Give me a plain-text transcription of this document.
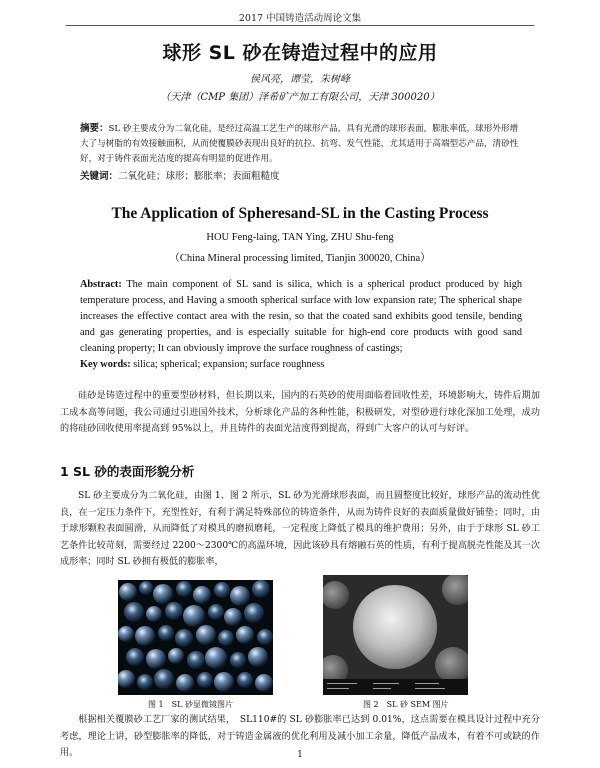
2017 中国铸造活动周论文集
球形 SL 砂在铸造过程中的应用
侯风亮，谭莹，朱树峰
（天津（CMP 集团）泽希矿产加工有限公司，天津 300020）
摘要：SL 砂主要成分为二氧化硅，是经过高温工艺生产的球形产品，具有光滑的球形表面，膨胀率低，球形外形增大了与树脂的有效接触面积，从而使覆膜砂表现出良好的抗拉、抗弯、发气性能，尤其适用于高端型芯产品，清砂性好，对于铸件表面光洁度的提高有明显的促进作用。
关键词：二氧化硅；球形；膨胀率；表面粗糙度
The Application of Spheresand-SL in the Casting Process
HOU Feng-laing, TAN Ying, ZHU Shu-feng
（China Mineral processing limited, Tianjin 300020, China）
Abstract: The main component of SL sand is silica, which is a spherical product produced by high temperature process, and Having a smooth spherical surface with low expansion rate; The spherical shape increases the effective contact area with the resin, so that the coated sand exhibits good tensile, bending and gas generating properties, and is especially suitable for high-end core products with good sand cleaning property; It can obviously improve the surface roughness of castings;
Key words: silica; spherical; expansion; surface roughness
硅砂是铸造过程中的重要型砂材料，但长期以来，国内的石英砂的使用面临着回收性差，环境影响大，铸件后期加工成本高等问题，我公司通过引进国外技术，分析球化产品的各种性能，积极研发，对型砂进行球化深加工处理，成功的将硅砂回收使用率提高到 95%以上，并且铸件的表面光洁度得到提高，得到广大客户的认可与好评。
1 SL 砂的表面形貌分析
SL 砂主要成分为二氧化硅，由图 1、图 2 所示，SL 砂为光滑球形表面，而且圆整度比较好，球形产品的流动性优良，在一定压力条件下，充型性好，有利于满足特殊部位的铸造条件，从而为铸件良好的表面质量做好铺垫；同时，由于球形颗粒表面圆滑，从而降低了对模具的磨损磨耗，一定程度上降低了模具的维护费用；另外，由于于球形 SL 砂工艺条件比较苛刻，需要经过 2200～2300℃的高温环境，因此该砂具有熔融石英的性质，有利于提高脱壳性能及其一次成形率；同时 SL 砂拥有极低的膨胀率，
图 1　SL 砂显微镜图片	图 2　SL 砂 SEM 图片
根据相关覆膜砂工艺厂家的测试结果，　SL110#的 SL 砂膨胀率已达到 0.01%，这点需要在模具设计过程中充分考虑，理论上讲，砂型膨胀率的降低，对于铸造金属液的优化利用及减小加工余量，降低产品成本，有着不可或缺的作用。	1
